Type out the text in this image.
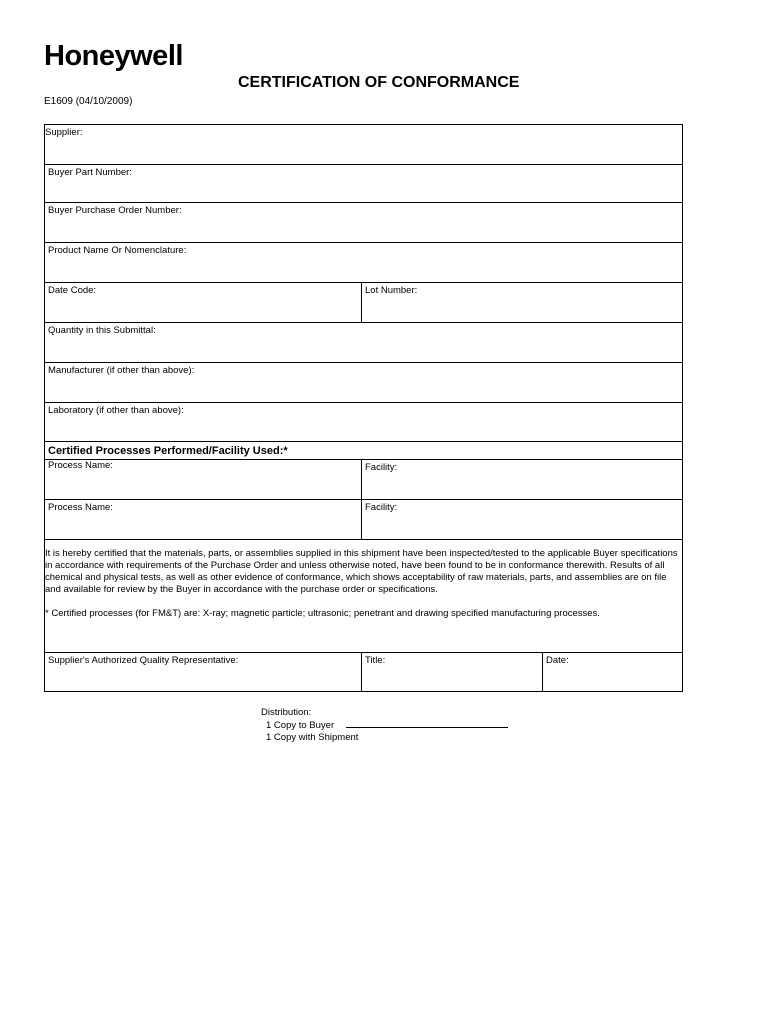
Honeywell
CERTIFICATION OF CONFORMANCE
E1609 (04/10/2009)
Supplier:
Buyer Part Number:
Buyer Purchase Order Number:
Product Name Or Nomenclature:
Date Code:	Lot Number:
Quantity in this Submittal:
Manufacturer (if other than above):
Laboratory (if other than above):
Certified Processes Performed/Facility Used:*
Process Name:	Facility:
Process Name:	Facility:
It is hereby certified that the materials, parts, or assemblies supplied in this shipment have been inspected/tested to the applicable Buyer specifications in accordance with requirements of the Purchase Order and unless otherwise noted, have been found to be in conformance therewith. Results of all chemical and physical tests, as well as other evidence of conformance, which shows acceptability of raw materials, parts, and assemblies are on file and available for review by the Buyer in accordance with the purchase order or specifications.
* Certified processes (for FM&T) are: X-ray; magnetic particle; ultrasonic; penetrant and drawing specified manufacturing processes.
Supplier's Authorized Quality Representative:	Title:	Date:
Distribution:
1 Copy to Buyer
1 Copy with Shipment
